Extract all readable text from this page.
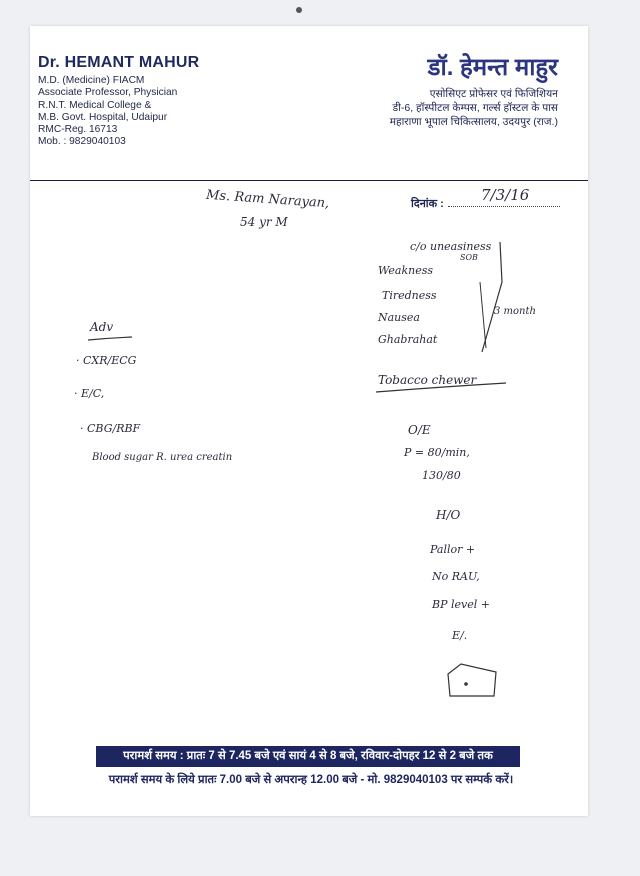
Dr. HEMANT MAHUR
M.D. (Medicine) FIACM
Associate Professor, Physician
R.N.T. Medical College &
M.B. Govt. Hospital, Udaipur
RMC-Reg. 16713
Mob. : 9829040103
डॉ. हेमन्त माहुर
एसोसिएट प्रोफेसर एवं फिजिशियन
डी-6, हॉस्पीटल केम्पस, गर्ल्स हॉस्टल के पास
महाराणा भूपाल चिकित्सालय, उदयपुर (राज.)
दिनांक :	7/3/16
Ms. Ram Narayan,
54 yr M
SOB
c/o uneasiness
Weakness
Tiredness
Nausea
Ghabrahat
3 month
Tobacco chewer
Adv
· CXR/ECG
· E/C,
· CBG/RBF
Blood sugar R. urea creatin
O/E
P = 80/min,
130/80
H/O
Pallor +
No RAU,
BP level +
E/.
परामर्श समय : प्रातः 7 से 7.45 बजे एवं सायं 4 से 8 बजे, रविवार-दोपहर 12 से 2 बजे तक
परामर्श समय के लिये प्रातः 7.00 बजे से अपरान्ह 12.00 बजे - मो. 9829040103 पर सम्पर्क करें।
